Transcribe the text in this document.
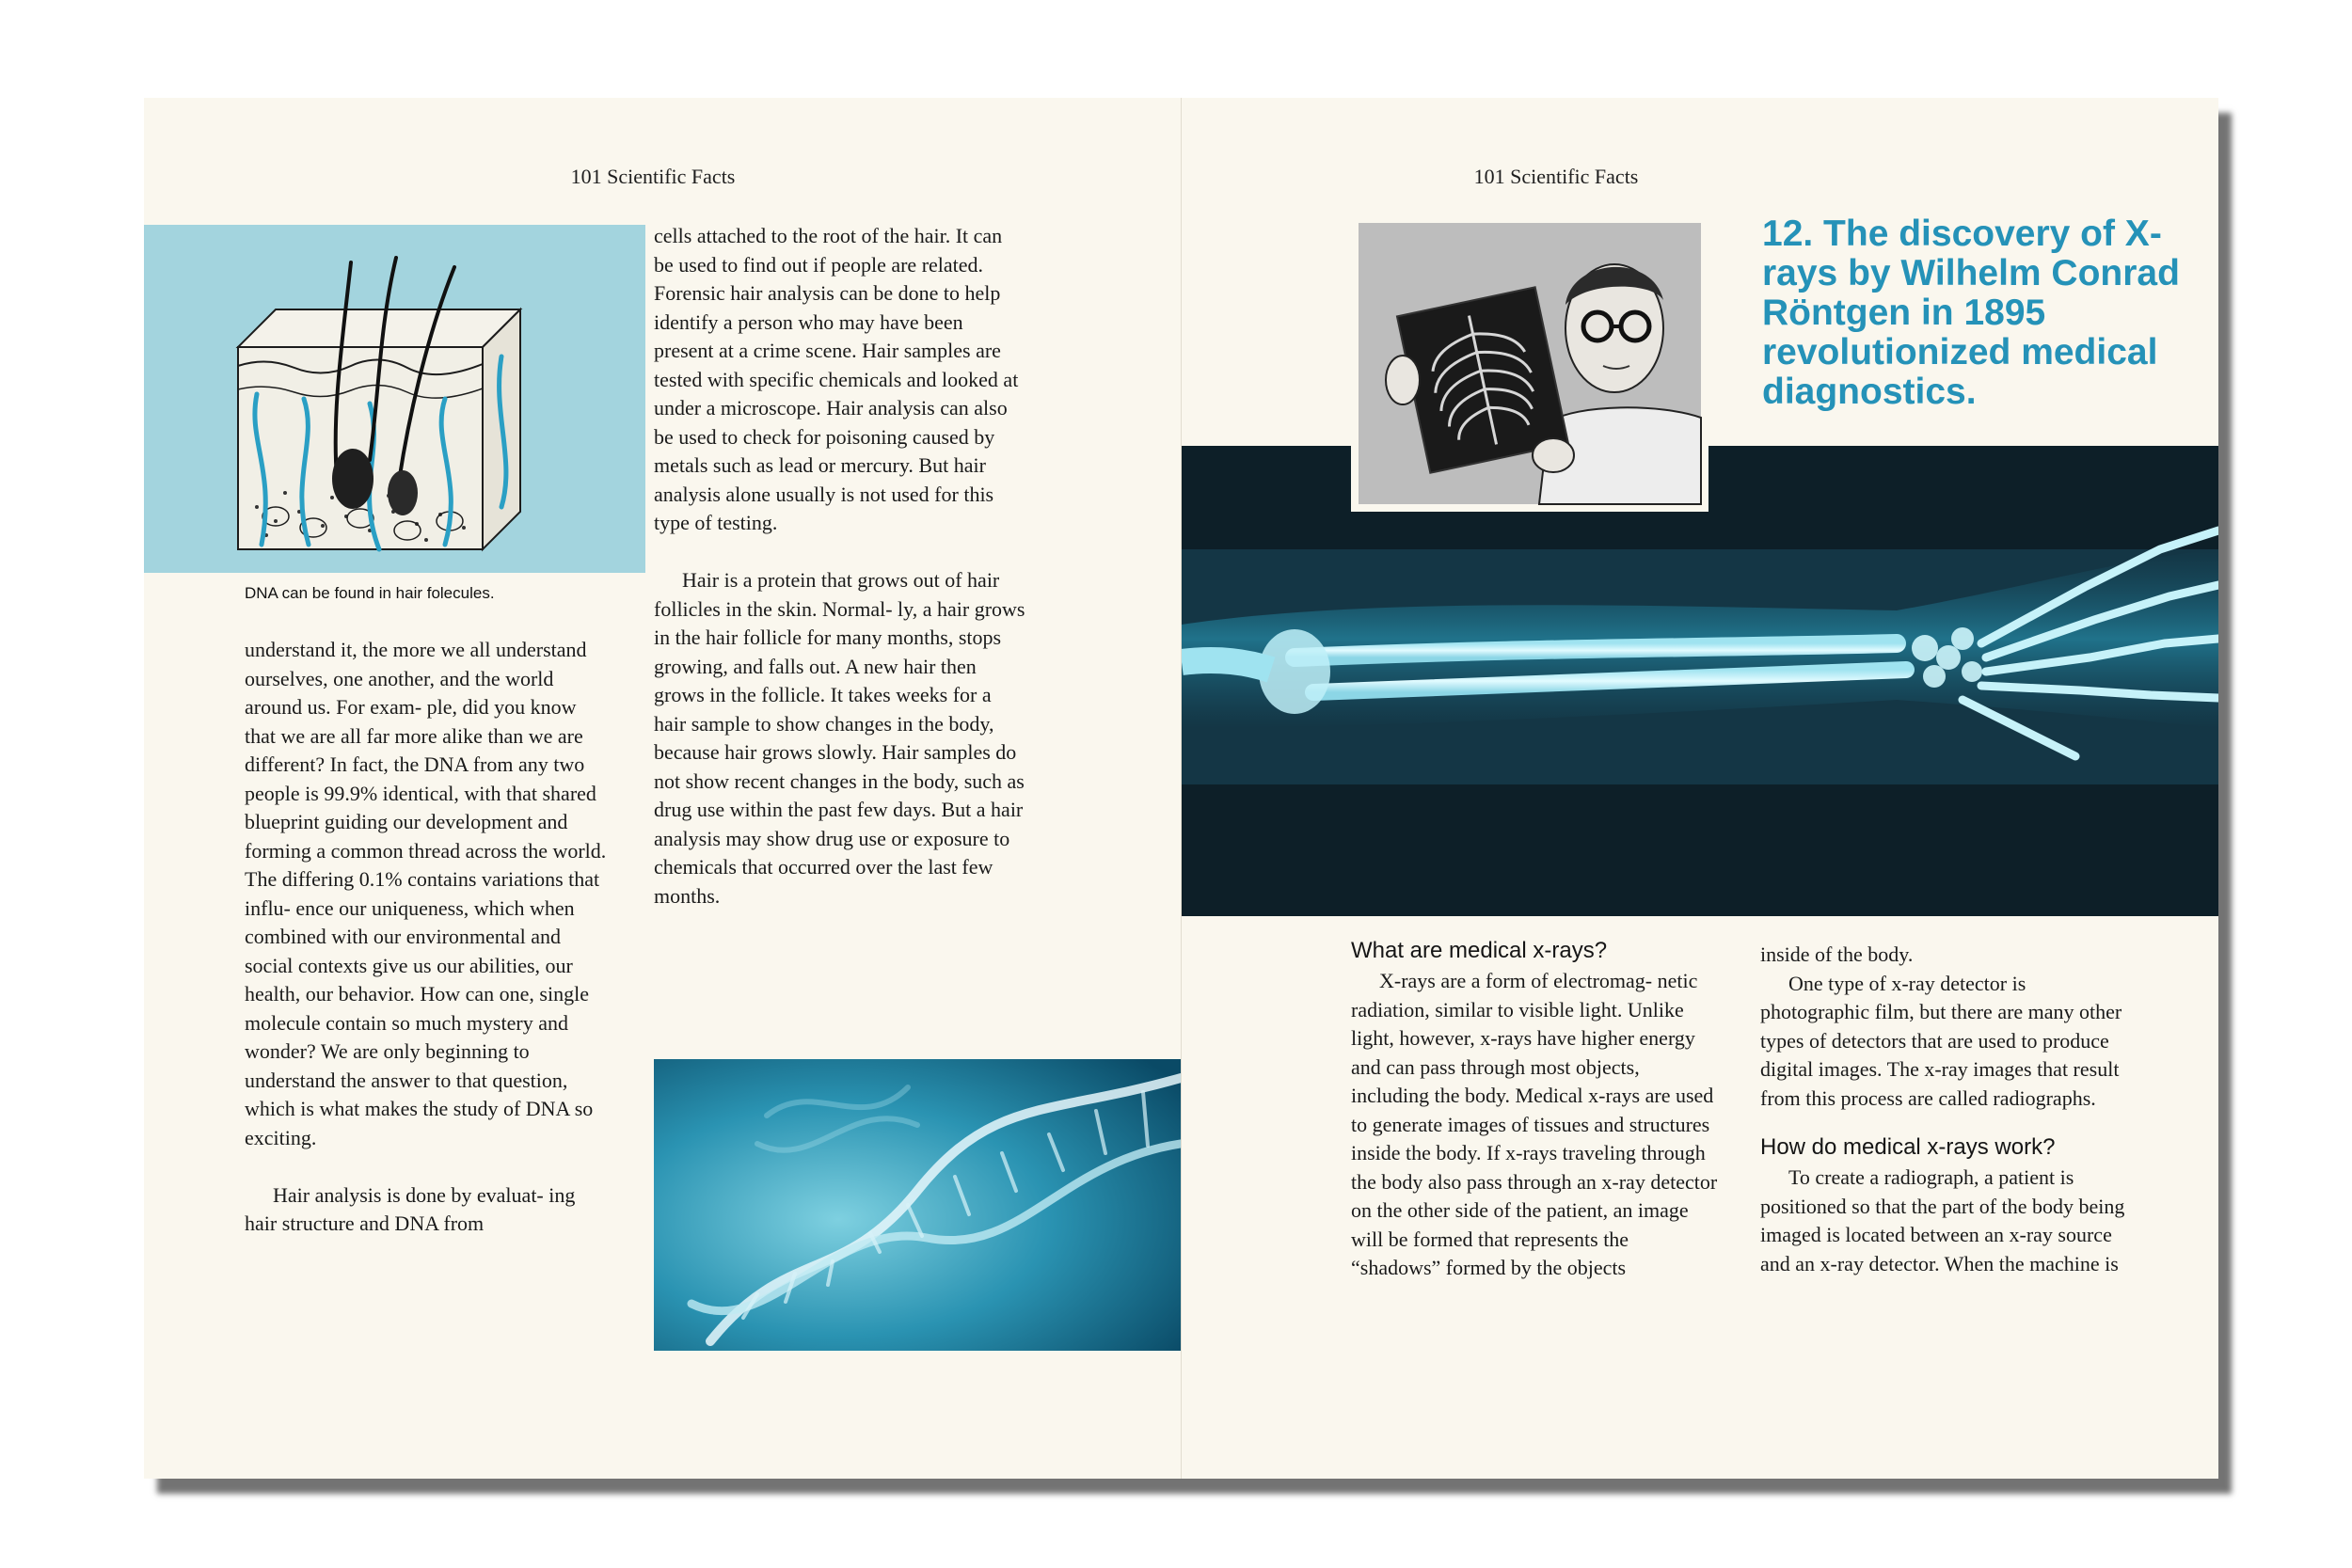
101 Scientific Facts
DNA can be found in hair folecules.

understand it, the more we all understand ourselves, one another, and the world around us. For exam- ple, did you know that we are all far more alike than we are different? In fact, the DNA from any two people is 99.9% identical, with that shared blueprint guiding our development and forming a common thread across the world. The differing 0.1% contains variations that influ- ence our uniqueness, which when combined with our environmental and social contexts give us our abilities, our health, our behavior. How can one, single molecule contain so much mystery and wonder? We are only beginning to understand the answer to that question, which is what makes the study of DNA so exciting.

Hair analysis is done by evaluat- ing hair structure and DNA from

cells attached to the root of the hair. It can be used to find out if people are related. Forensic hair analysis can be done to help identify a person who may have been present at a crime scene. Hair samples are tested with specific chemicals and looked at under a microscope. Hair analysis can also be used to check for poisoning caused by metals such as lead or mercury. But hair analysis alone usually is not used for this type of testing.

Hair is a protein that grows out of hair follicles in the skin. Normal- ly, a hair grows in the hair follicle for many months, stops growing, and falls out. A new hair then grows in the follicle. It takes weeks for a hair sample to show changes in the body, because hair grows slowly. Hair samples do not show recent changes in the body, such as drug use within the past few days. But a hair analysis may show drug use or exposure to chemicals that occurred over the last few months.

101 Scientific Facts
12. The discovery of X-rays by Wilhelm Conrad Röntgen in 1895 revolutionized medical diagnostics.

What are medical x-rays?

X-rays are a form of electromag- netic radiation, similar to visible light. Unlike light, however, x-rays have higher energy and can pass through most objects, including the body. Medical x-rays are used to generate images of tissues and structures inside the body. If x-rays traveling through the body also pass through an x-ray detector on the other side of the patient, an image will be formed that represents the “shadows” formed by the objects

inside of the body.

One type of x-ray detector is photographic film, but there are many other types of detectors that are used to produce digital images. The x-ray images that result from this process are called radiographs.

How do medical x-rays work?

To create a radiograph, a patient is positioned so that the part of the body being imaged is located between an x-ray source and an x-ray detector. When the machine is
